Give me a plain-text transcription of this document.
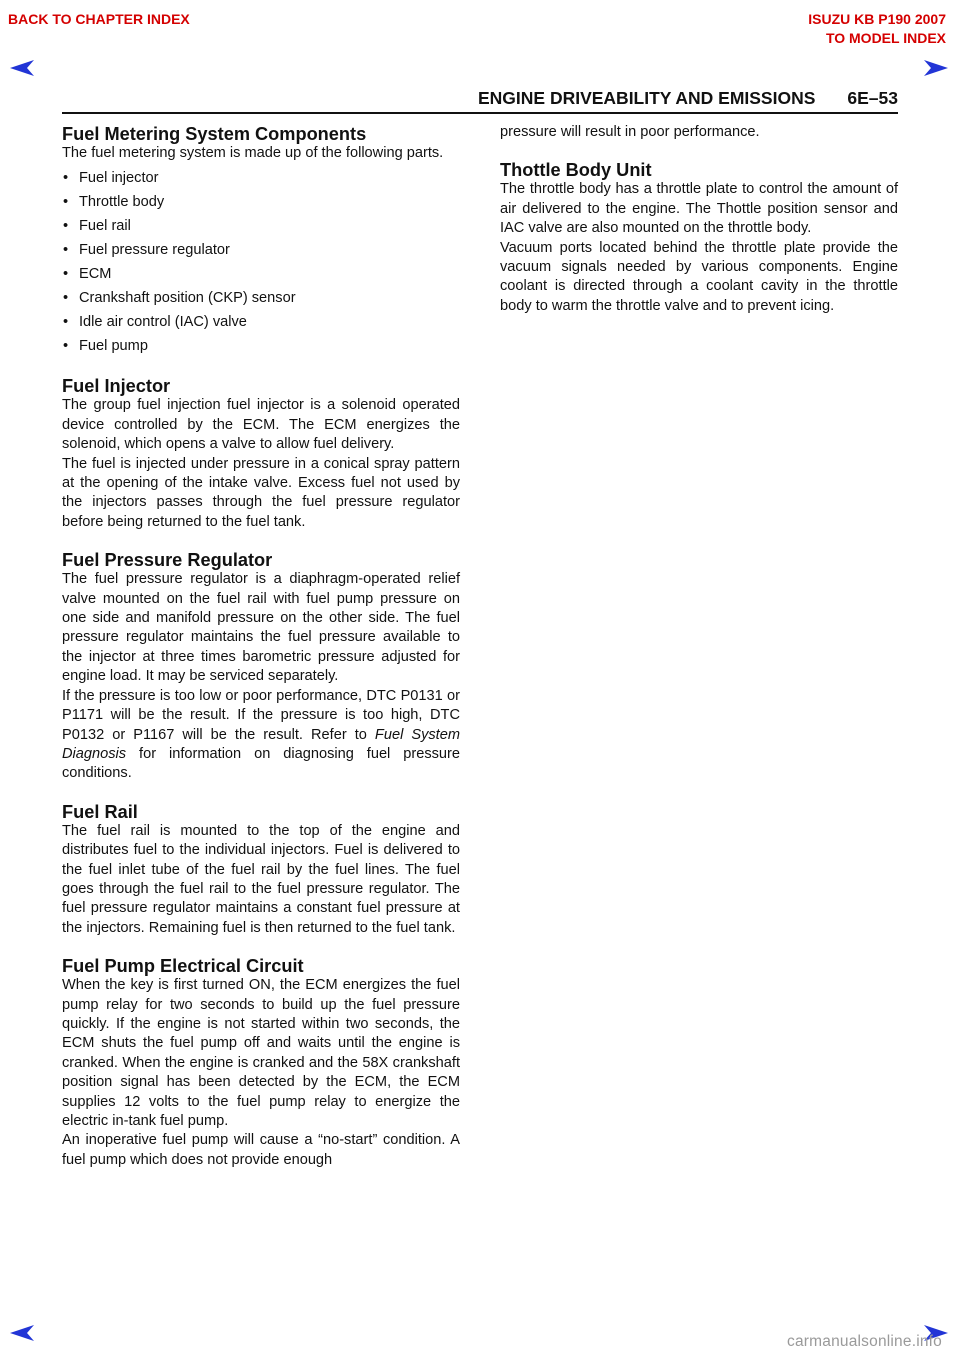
BACK TO CHAPTER INDEX	ISUZU KB P190 2007
TO MODEL INDEX
ENGINE DRIVEABILITY AND EMISSIONS 6E–53
Fuel Metering System Components

The fuel metering system is made up of the following parts.

• Fuel injector
• Throttle body
• Fuel rail
• Fuel pressure regulator
• ECM
• Crankshaft position (CKP) sensor
• Idle air control (IAC) valve
• Fuel pump
Fuel Injector

The group fuel injection fuel injector is a solenoid operated device controlled by the ECM. The ECM energizes the solenoid, which opens a valve to allow fuel delivery.

The fuel is injected under pressure in a conical spray pattern at the opening of the intake valve. Excess fuel not used by the injectors passes through the fuel pressure regulator before being returned to the fuel tank.

Fuel Pressure Regulator

The fuel pressure regulator is a diaphragm-operated relief valve mounted on the fuel rail with fuel pump pressure on one side and manifold pressure on the other side. The fuel pressure regulator maintains the fuel pressure available to the injector at three times barometric pressure adjusted for engine load. It may be serviced separately.

If the pressure is too low or poor performance, DTC P0131 or P1171 will be the result. If the pressure is too high, DTC P0132 or P1167 will be the result. Refer to Fuel System Diagnosis for information on diagnosing fuel pressure conditions.

Fuel Rail

The fuel rail is mounted to the top of the engine and distributes fuel to the individual injectors. Fuel is delivered to the fuel inlet tube of the fuel rail by the fuel lines. The fuel goes through the fuel rail to the fuel pressure regulator. The fuel pressure regulator maintains a constant fuel pressure at the injectors. Remaining fuel is then returned to the fuel tank.

Fuel Pump Electrical Circuit

When the key is first turned ON, the ECM energizes the fuel pump relay for two seconds to build up the fuel pressure quickly. If the engine is not started within two seconds, the ECM shuts the fuel pump off and waits until the engine is cranked. When the engine is cranked and the 58X crankshaft position signal has been detected by the ECM, the ECM supplies 12 volts to the fuel pump relay to energize the electric in-tank fuel pump.

An inoperative fuel pump will cause a “no-start” condition. A fuel pump which does not provide enough

pressure will result in poor performance.

Thottle Body Unit

The throttle body has a throttle plate to control the amount of air delivered to the engine. The Thottle position sensor and IAC valve are also mounted on the throttle body.

Vacuum ports located behind the throttle plate provide the vacuum signals needed by various components. Engine coolant is directed through a coolant cavity in the throttle body to warm the throttle valve and to prevent icing.

carmanualsonline.info
